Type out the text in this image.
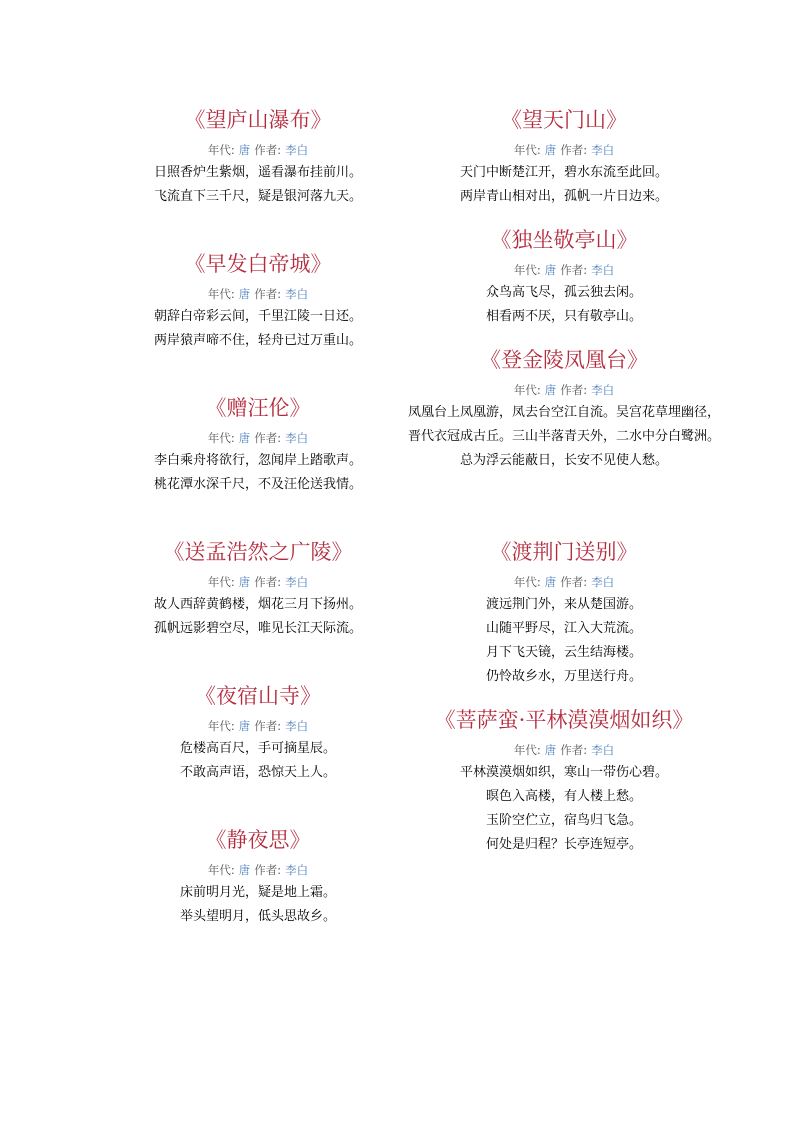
《望庐山瀑布》
年代: 唐 作者: 李白
日照香炉生紫烟，遥看瀑布挂前川。
飞流直下三千尺，疑是银河落九天。
《早发白帝城》
年代: 唐 作者: 李白
朝辞白帝彩云间，千里江陵一日还。
两岸猿声啼不住，轻舟已过万重山。
《赠汪伦》
年代: 唐 作者: 李白
李白乘舟将欲行，忽闻岸上踏歌声。
桃花潭水深千尺，不及汪伦送我情。
《送孟浩然之广陵》
年代: 唐 作者: 李白
故人西辞黄鹤楼，烟花三月下扬州。
孤帆远影碧空尽，唯见长江天际流。
《夜宿山寺》
年代: 唐 作者: 李白
危楼高百尺，手可摘星辰。
不敢高声语，恐惊天上人。
《静夜思》
年代: 唐 作者: 李白
床前明月光，疑是地上霜。
举头望明月，低头思故乡。
《望天门山》
年代: 唐 作者: 李白
天门中断楚江开，碧水东流至此回。
两岸青山相对出，孤帆一片日边来。
《独坐敬亭山》
年代: 唐 作者: 李白
众鸟高飞尽，孤云独去闲。
相看两不厌，只有敬亭山。
《登金陵凤凰台》
年代: 唐 作者: 李白
凤凰台上凤凰游，凤去台空江自流。吴宫花草埋幽径，
晋代衣冠成古丘。三山半落青天外，二水中分白鹭洲。
总为浮云能蔽日，长安不见使人愁。
《渡荆门送别》
年代: 唐 作者: 李白
渡远荆门外，来从楚国游。
山随平野尽，江入大荒流。
月下飞天镜，云生结海楼。
仍怜故乡水，万里送行舟。
《菩萨蛮·平林漠漠烟如织》
年代: 唐 作者: 李白
平林漠漠烟如织，寒山一带伤心碧。
暝色入高楼，有人楼上愁。
玉阶空伫立，宿鸟归飞急。
何处是归程？长亭连短亭。
